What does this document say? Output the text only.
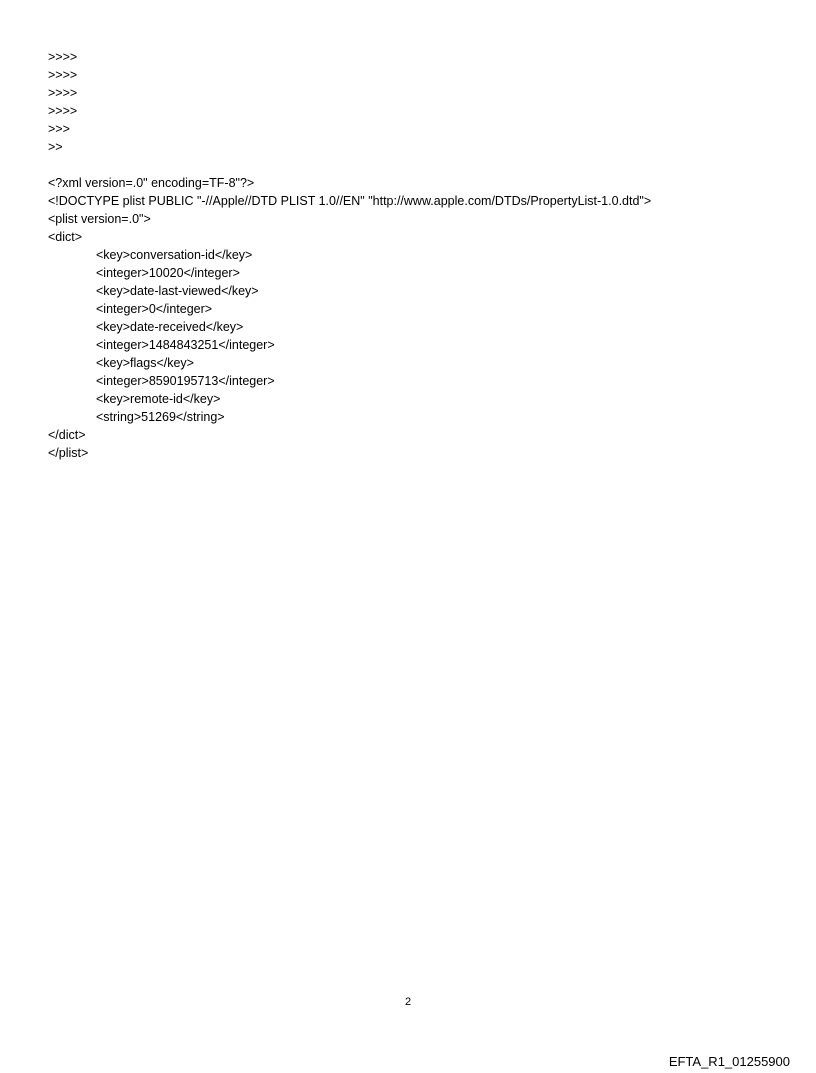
>>>>
>>>>
>>>>
>>>>
>>>
>>
<?xml version=.0" encoding=TF-8"?>
<!DOCTYPE plist PUBLIC "-//Apple//DTD PLIST 1.0//EN" "http://www.apple.com/DTDs/PropertyList-1.0.dtd">
<plist version=.0">
<dict>
<key>conversation-id</key>
<integer>10020</integer>
<key>date-last-viewed</key>
<integer>0</integer>
<key>date-received</key>
<integer>1484843251</integer>
<key>flags</key>
<integer>8590195713</integer>
<key>remote-id</key>
<string>51269</string>
</dict>
</plist>
2
EFTA_R1_01255900
